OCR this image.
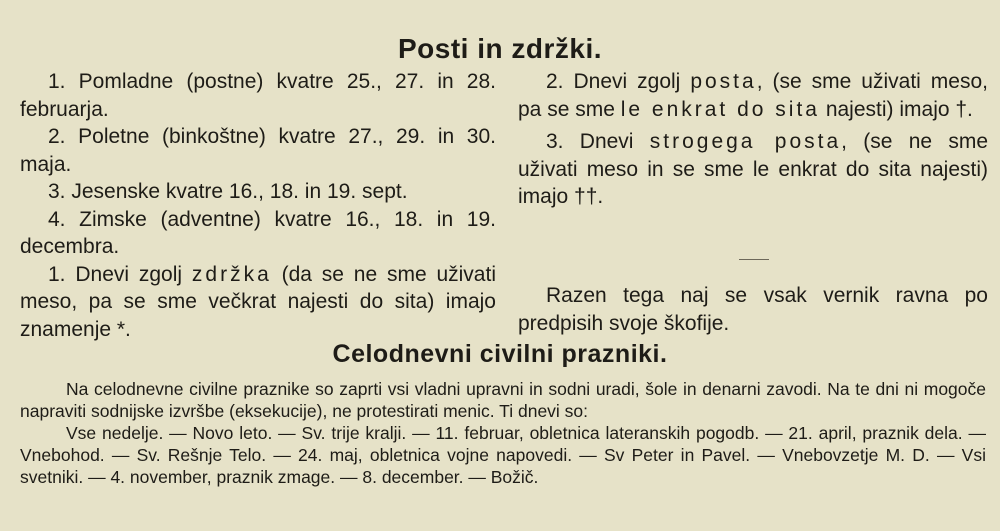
Posti in zdržki.

1. Pomladne (postne) kvatre 25., 27. in 28. februarja.

2. Poletne (binkoštne) kvatre 27., 29. in 30. maja.

3. Jesenske kvatre 16., 18. in 19. sept.

4. Zimske (adventne) kvatre 16., 18. in 19. decembra.

1. Dnevi zgolj zdržka (da se ne sme uživati meso, pa se sme večkrat najesti do sita) imajo znamenje *.

2. Dnevi zgolj posta, (se sme uživati meso, pa se sme le enkrat do sita najesti) imajo †.

3. Dnevi strogega posta, (se ne sme uživati meso in se sme le enkrat do sita najesti) imajo ††.

Razen tega naj se vsak vernik ravna po predpisih svoje škofije.

Celodnevni civilni prazniki.

Na celodnevne civilne praznike so zaprti vsi vladni upravni in sodni uradi, šole in denarni zavodi. Na te dni ni mogoče napraviti sodnijske izvršbe (eksekucije), ne protestirati menic. Ti dnevi so:

Vse nedelje. — Novo leto. — Sv. trije kralji. — 11. februar, obletnica lateranskih pogodb. — 21. april, praznik dela. — Vnebohod. — Sv. Rešnje Telo. — 24. maj, obletnica vojne napovedi. — Sv Peter in Pavel. — Vnebovzetje M. D. — Vsi svetniki. — 4. november, praznik zmage. — 8. december. — Božič.
